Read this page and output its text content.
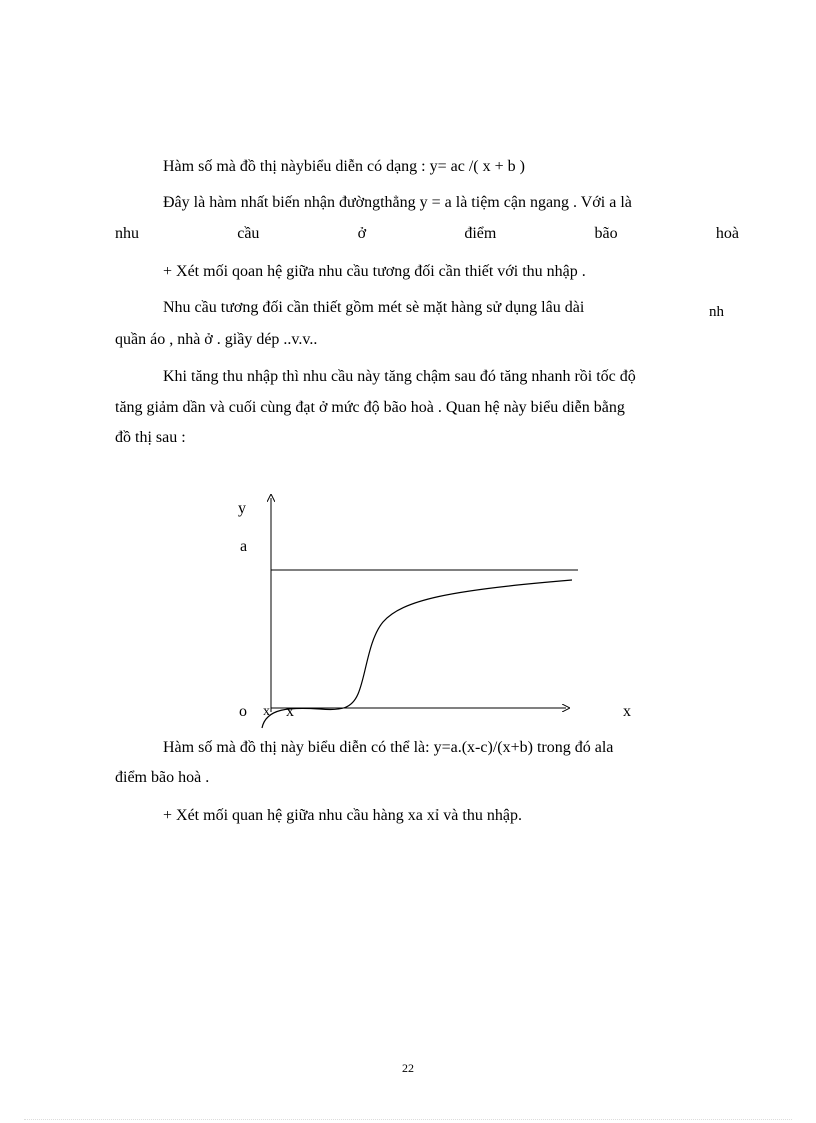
Hàm số mà đồ thị nàybiểu diễn có dạng : y= ac /( x + b )
Đây là hàm nhất biến nhận đườngthẳng y = a là tiệm cận ngang . Với a là
nhu	cầu	ở	điểm	bão	hoà
+ Xét mối qoan hệ giữa nhu cầu tương đối cần thiết với thu nhập .
Nhu cầu tương đối cần thiết gồm mét sè mặt hàng sử dụng lâu dài	nh
quần áo , nhà ở . giầy dép ..v.v..
Khi tăng thu nhập thì nhu cầu này tăng chậm sau đó tăng nhanh rồi tốc độ
tăng giảm dần và cuối cùng đạt ở mức độ bão hoà . Quan hệ này biểu diễn bằng
đồ thị sau :
y
a
o x x	x
Hàm số mà đồ thị này biểu diễn có thể là: y=a.(x-c)/(x+b) trong đó ala
điểm bão hoà .
+ Xét mối quan hệ giữa nhu cầu hàng xa xỉ và thu nhập.
22
